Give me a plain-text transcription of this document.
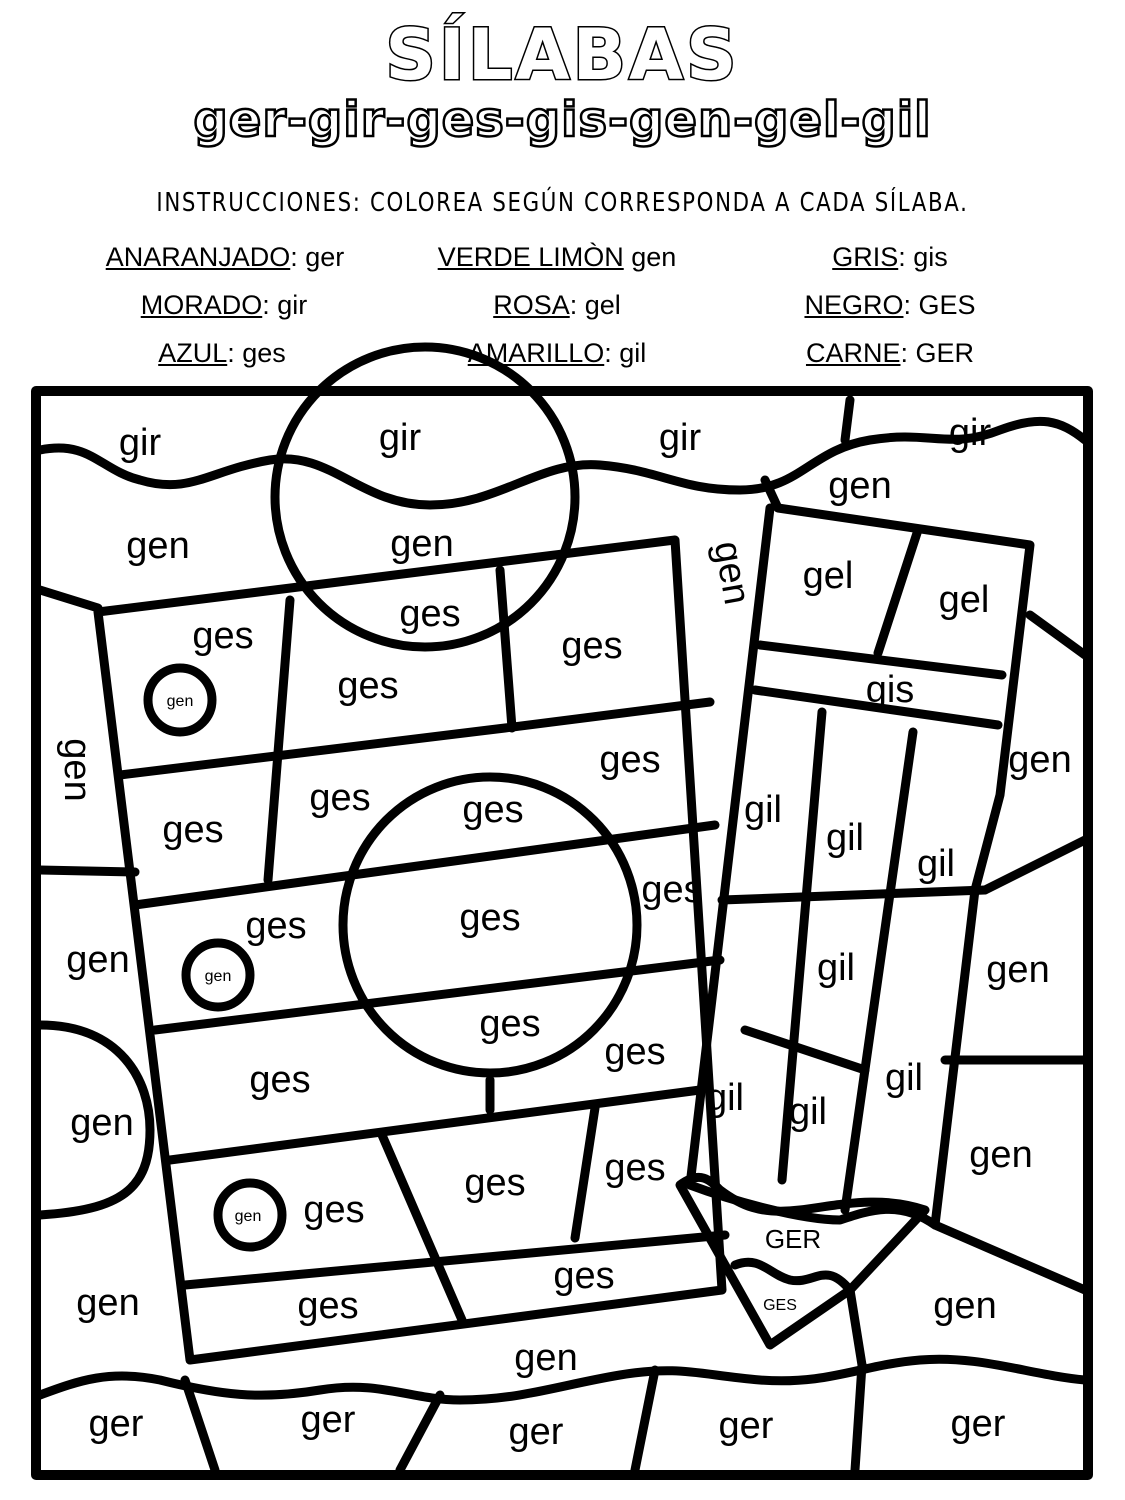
SÍLABAS
ger-gir-ges-gis-gen-gel-gil
INSTRUCCIONES: COLOREA SEGÚN CORRESPONDA A CADA SÍLABA.
ANARANJADO: ger	VERDE LIMÒN gen	GRIS: gis
MORADO: gir	ROSA: gel	NEGRO: GES
AZUL: ges	AMARILLO: gil	CARNE: GER
gir	gir	gir	gir
gen
gen	gen	gen gel
gel
gis
ges
ges
ges
gen
gen	gen
ges
ges
ges	gil
ges
ges
ges
gil
gil
ges
gen	gen	gil	gen
ges
ges
ges
gen
gil gil
gil
gen
ges
ges ges
gen ges
gen
ges
ges
GER
GES	gen
gen
ger	ger	ger	ger	ger
